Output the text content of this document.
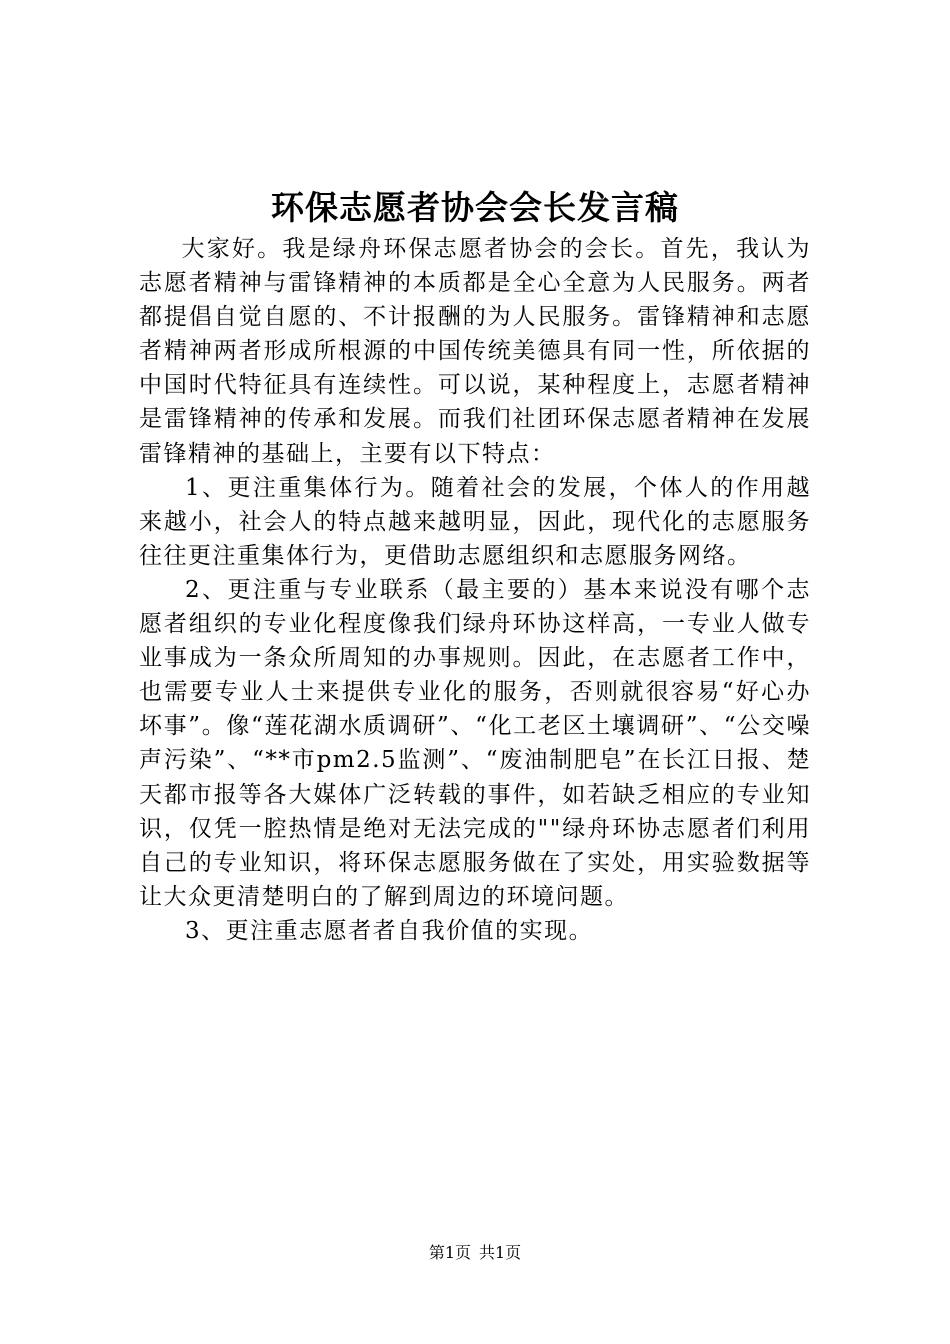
环保志愿者协会会长发言稿

大家好。我是绿舟环保志愿者协会的会长。首先，我认为志愿者精神与雷锋精神的本质都是全心全意为人民服务。两者都提倡自觉自愿的、不计报酬的为人民服务。雷锋精神和志愿者精神两者形成所根源的中国传统美德具有同一性，所依据的中国时代特征具有连续性。可以说，某种程度上，志愿者精神是雷锋精神的传承和发展。而我们社团环保志愿者精神在发展雷锋精神的基础上，主要有以下特点：

1、更注重集体行为。随着社会的发展，个体人的作用越来越小，社会人的特点越来越明显，因此，现代化的志愿服务往往更注重集体行为，更借助志愿组织和志愿服务网络。

2、更注重与专业联系（最主要的）基本来说没有哪个志愿者组织的专业化程度像我们绿舟环协这样高，一专业人做专业事成为一条众所周知的办事规则。因此，在志愿者工作中，也需要专业人士来提供专业化的服务，否则就很容易“好心办坏事”。像“莲花湖水质调研”、“化工老区土壤调研”、“公交噪声污染”、“**市pm2.5监测”、“废油制肥皂”在长江日报、楚天都市报等各大媒体广泛转载的事件，如若缺乏相应的专业知识，仅凭一腔热情是绝对无法完成的""绿舟环协志愿者们利用自己的专业知识，将环保志愿服务做在了实处，用实验数据等让大众更清楚明白的了解到周边的环境问题。

3、更注重志愿者者自我价值的实现。

第1页 共1页
